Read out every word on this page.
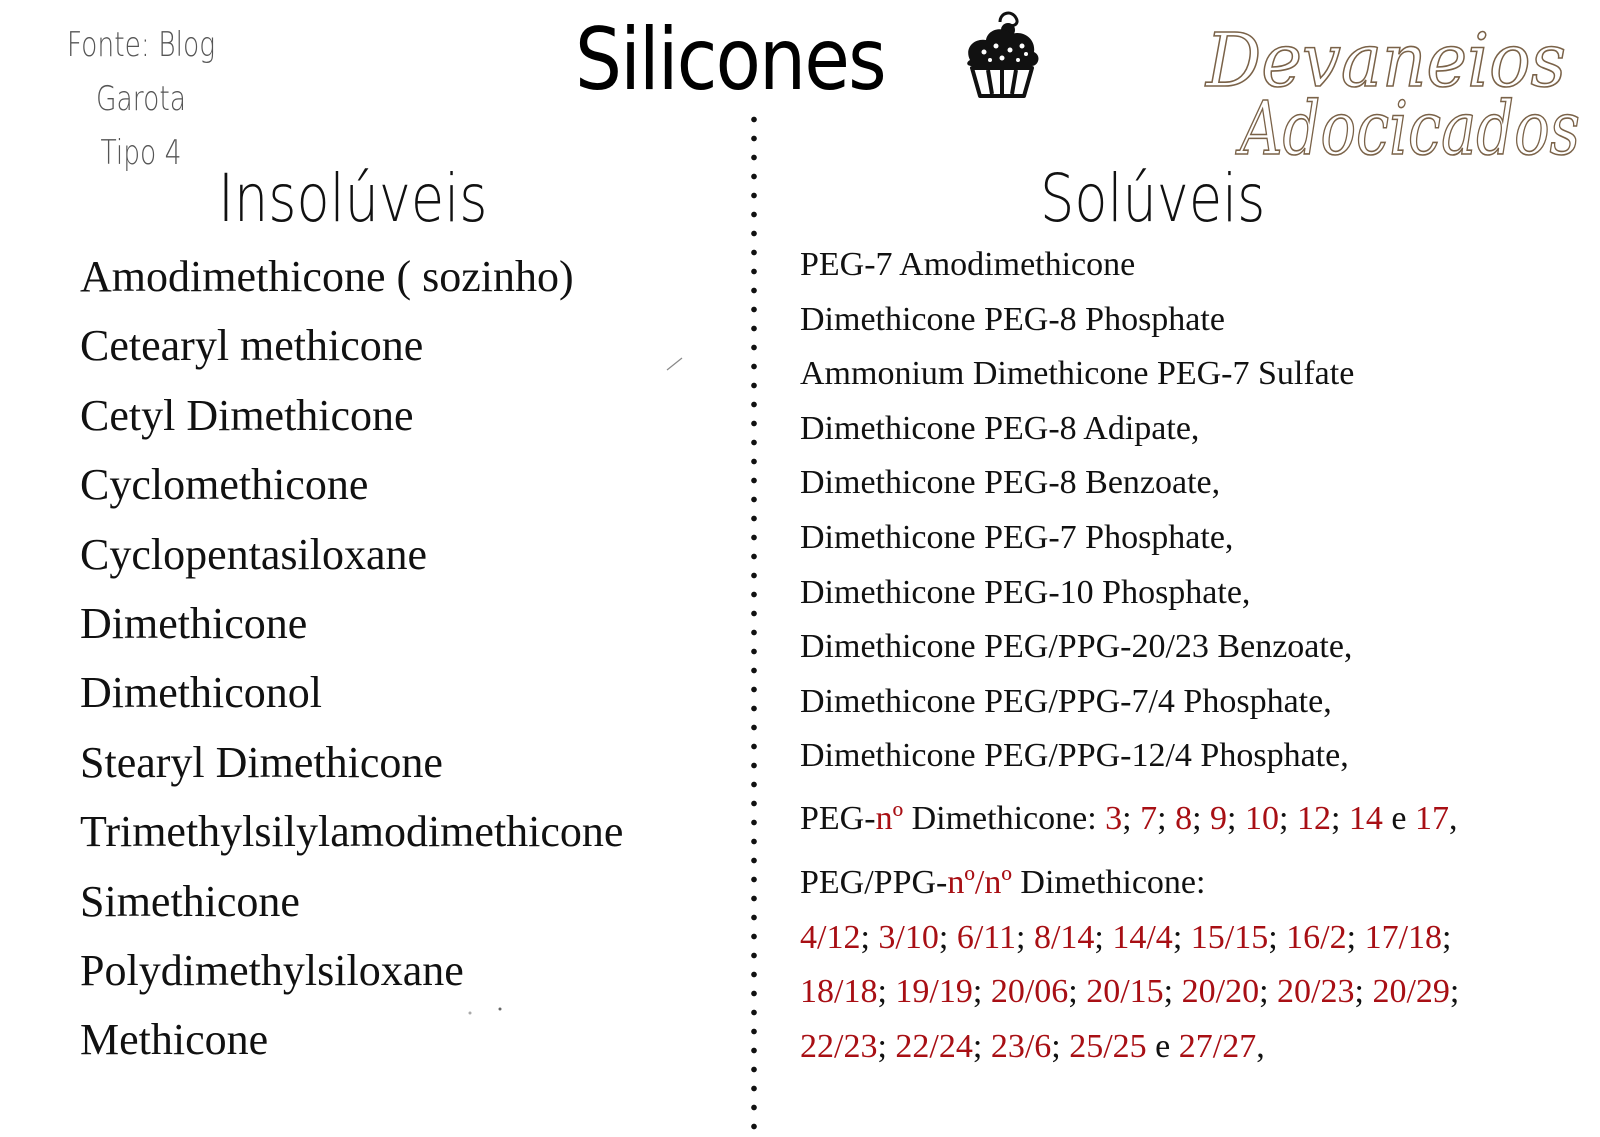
Fonte: Blog Garota
Tipo 4
Silicones	Devaneios
Adocicados
Insolúveis	Solúveis
Amodimethicone ( sozinho)
Cetearyl methicone
Cetyl Dimethicone
Cyclomethicone
Cyclopentasiloxane
Dimethicone
Dimethiconol
Stearyl Dimethicone
Trimethylsilylamodimethicone
Simethicone
Polydimethylsiloxane
Methicone
PEG-7 Amodimethicone
Dimethicone PEG-8 Phosphate
Ammonium Dimethicone PEG-7 Sulfate
Dimethicone PEG-8 Adipate,
Dimethicone PEG-8 Benzoate,
Dimethicone PEG-7 Phosphate,
Dimethicone PEG-10 Phosphate,
Dimethicone PEG/PPG-20/23 Benzoate,
Dimethicone PEG/PPG-7/4 Phosphate,
Dimethicone PEG/PPG-12/4 Phosphate,
PEG-nº Dimethicone: 3; 7; 8; 9; 10; 12; 14 e 17,
PEG/PPG-nº/nº Dimethicone:
4/12; 3/10; 6/11; 8/14; 14/4; 15/15; 16/2; 17/18;
18/18; 19/19; 20/06; 20/15; 20/20; 20/23; 20/29;
22/23; 22/24; 23/6; 25/25 e 27/27,
